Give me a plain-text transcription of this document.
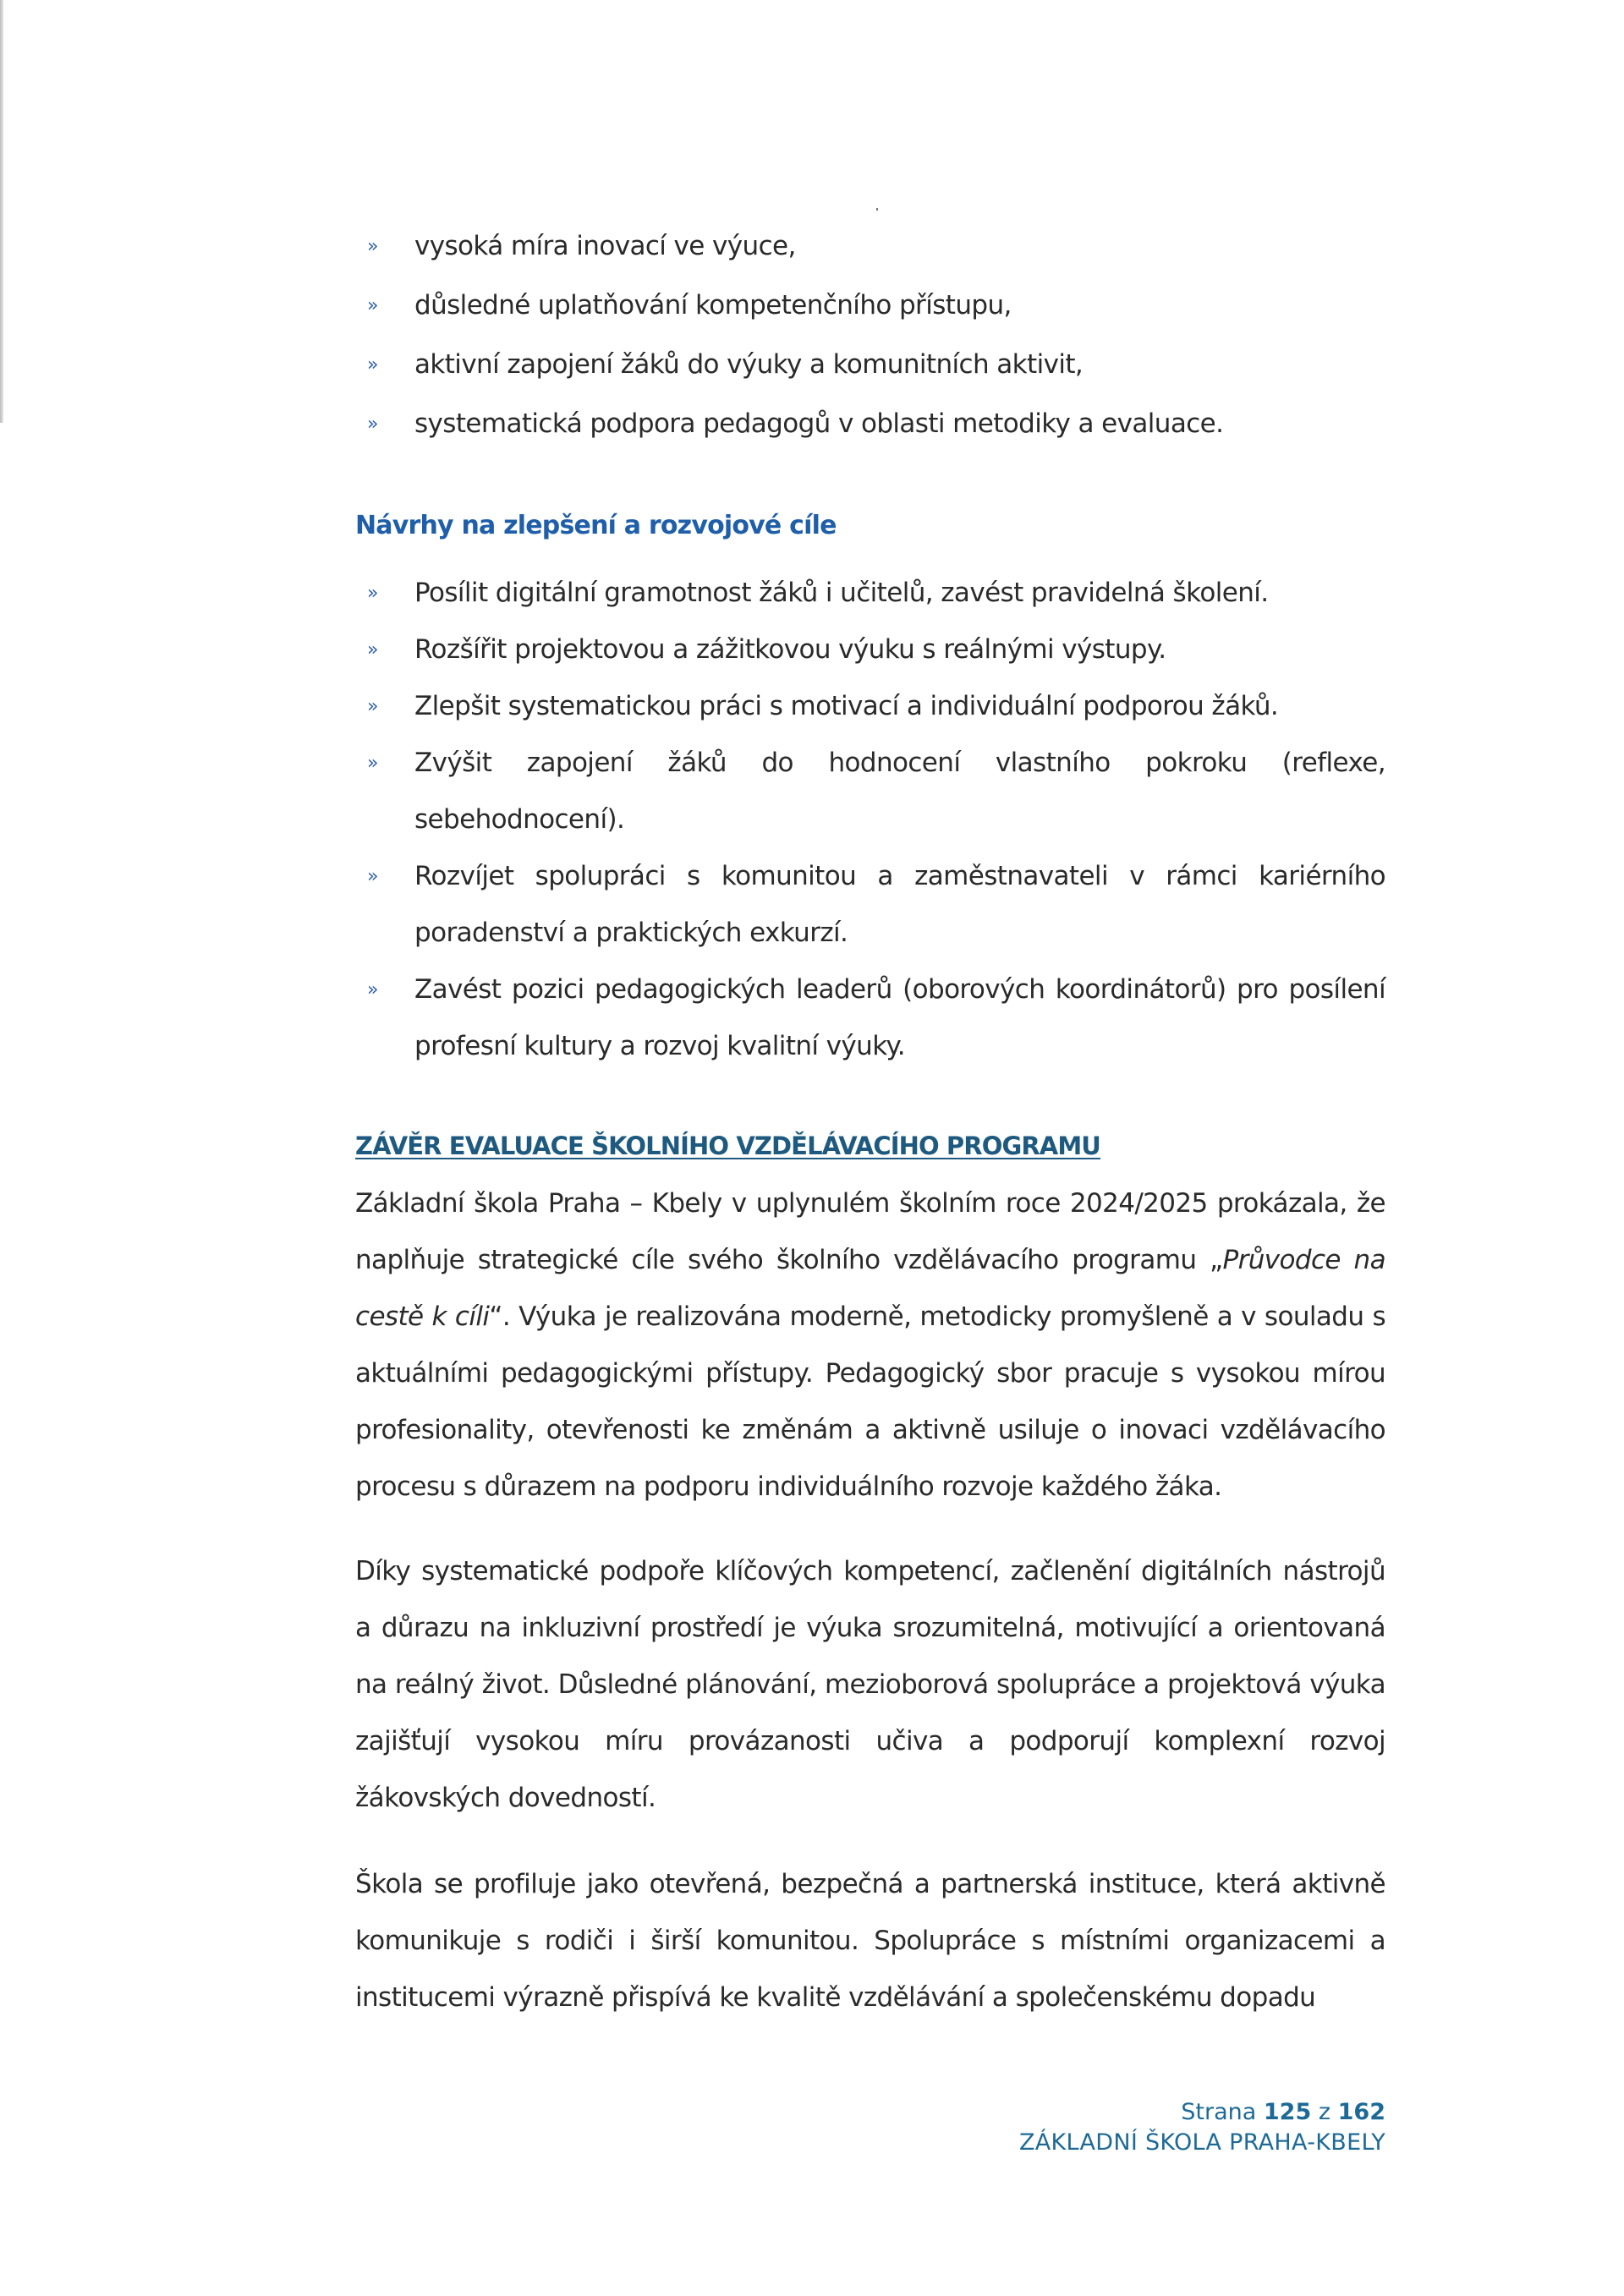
» vysoká míra inovací ve výuce,
» důsledné uplatňování kompetenčního přístupu,
» aktivní zapojení žáků do výuky a komunitních aktivit,
» systematická podpora pedagogů v oblasti metodiky a evaluace.
Návrhy na zlepšení a rozvojové cíle
» Posílit digitální gramotnost žáků i učitelů, zavést pravidelná školení.
» Rozšířit projektovou a zážitkovou výuku s reálnými výstupy.
» Zlepšit systematickou práci s motivací a individuální podporou žáků.
» Zvýšit zapojení žáků do hodnocení vlastního pokroku (reflexe, sebehodnocení).
» Rozvíjet spolupráci s komunitou a zaměstnavateli v rámci kariérního poradenství a praktických exkurzí.
» Zavést pozici pedagogických leaderů (oborových koordinátorů) pro posílení profesní kultury a rozvoj kvalitní výuky.
ZÁVĚR EVALUACE ŠKOLNÍHO VZDĚLÁVACÍHO PROGRAMU

Základní škola Praha – Kbely v uplynulém školním roce 2024/2025 prokázala, že naplňuje strategické cíle svého školního vzdělávacího programu „Průvodce na cestě k cíli“. Výuka je realizována moderně, metodicky promyšleně a v souladu s aktuálními pedagogickými přístupy. Pedagogický sbor pracuje s vysokou mírou profesionality, otevřenosti ke změnám a aktivně usiluje o inovaci vzdělávacího procesu s důrazem na podporu individuálního rozvoje každého žáka.

Díky systematické podpoře klíčových kompetencí, začlenění digitálních nástrojů a důrazu na inkluzivní prostředí je výuka srozumitelná, motivující a orientovaná na reálný život. Důsledné plánování, mezioborová spolupráce a projektová výuka zajišťují vysokou míru provázanosti učiva a podporují komplexní rozvoj žákovských dovedností.

Škola se profiluje jako otevřená, bezpečná a partnerská instituce, která aktivně komunikuje s rodiči i širší komunitou. Spolupráce s místními organizacemi a institucemi výrazně přispívá ke kvalitě vzdělávání a společenskému dopadu

Strana 125 z 162
ZÁKLADNÍ ŠKOLA PRAHA-KBELY
